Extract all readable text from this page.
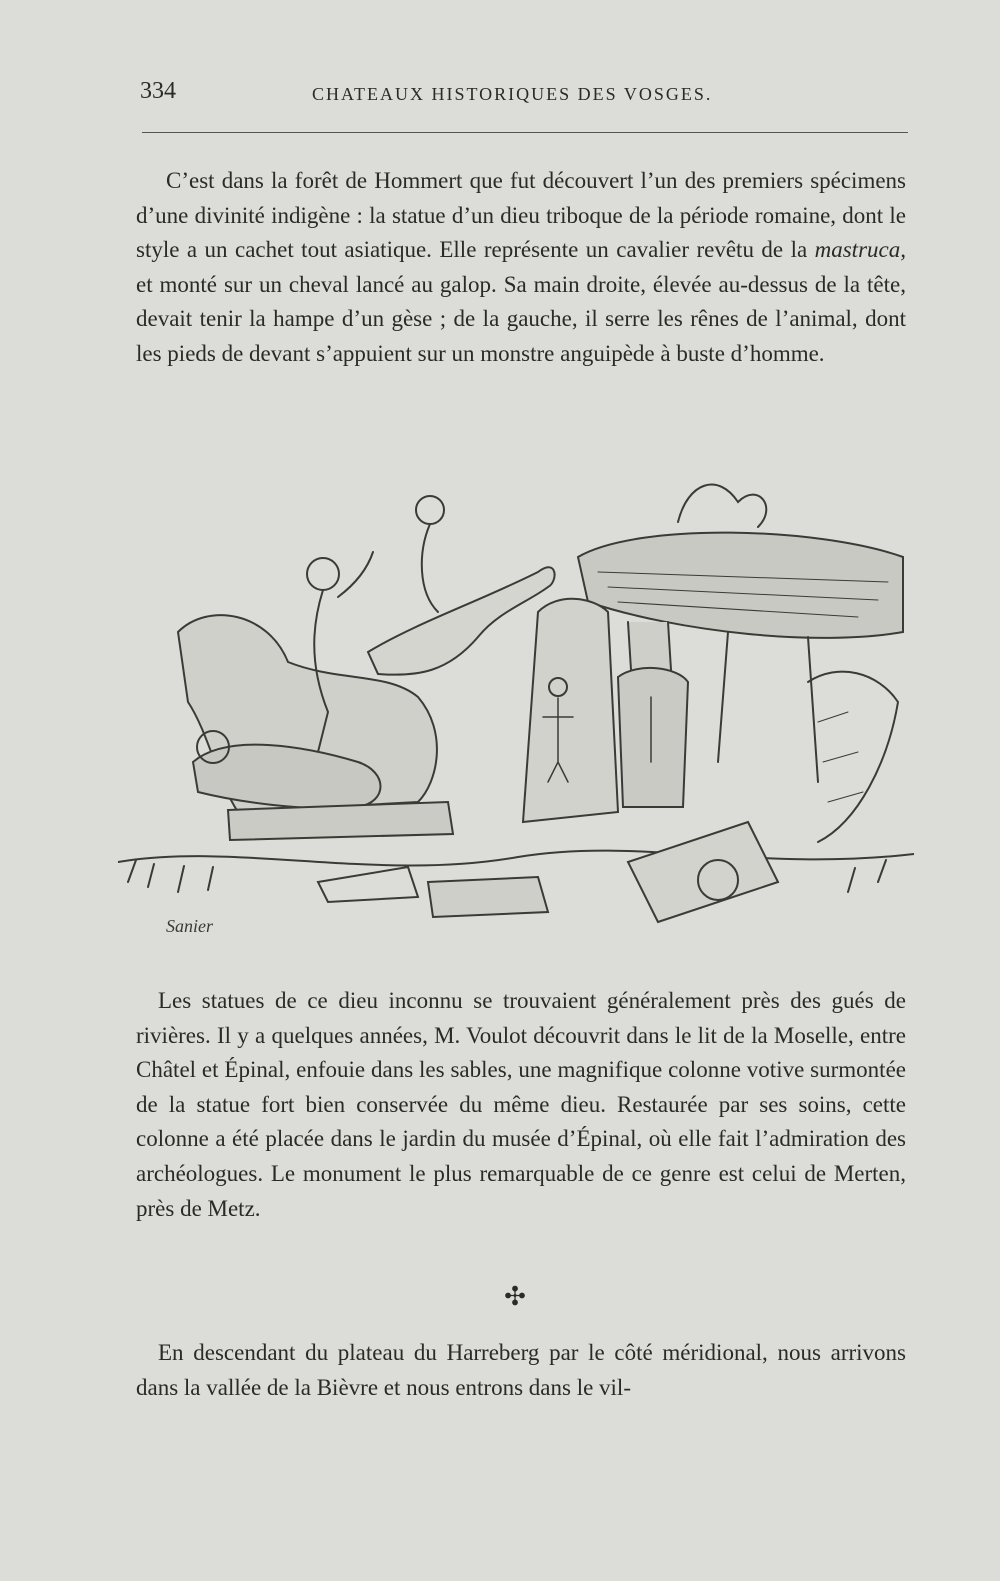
334	CHATEAUX HISTORIQUES DES VOSGES.

C’est dans la forêt de Hommert que fut découvert l’un des premiers spécimens d’une divinité indigène : la statue d’un dieu triboque de la période romaine, dont le style a un cachet tout asiatique. Elle représente un cavalier revêtu de la mastruca, et monté sur un cheval lancé au galop. Sa main droite, élevée au-dessus de la tête, devait tenir la hampe d’un gèse ; de la gauche, il serre les rênes de l’animal, dont les pieds de devant s’appuient sur un monstre anguipède à buste d’homme.

Sanier

Les statues de ce dieu inconnu se trouvaient généralement près des gués de rivières. Il y a quelques années, M. Voulot découvrit dans le lit de la Moselle, entre Châtel et Épinal, enfouie dans les sables, une magnifique colonne votive surmontée de la statue fort bien conservée du même dieu. Restaurée par ses soins, cette colonne a été placée dans le jardin du musée d’Épinal, où elle fait l’admiration des archéologues. Le monument le plus remarquable de ce genre est celui de Merten, près de Metz.

✣

En descendant du plateau du Harreberg par le côté méridional, nous arrivons dans la vallée de la Bièvre et nous entrons dans le vil-
